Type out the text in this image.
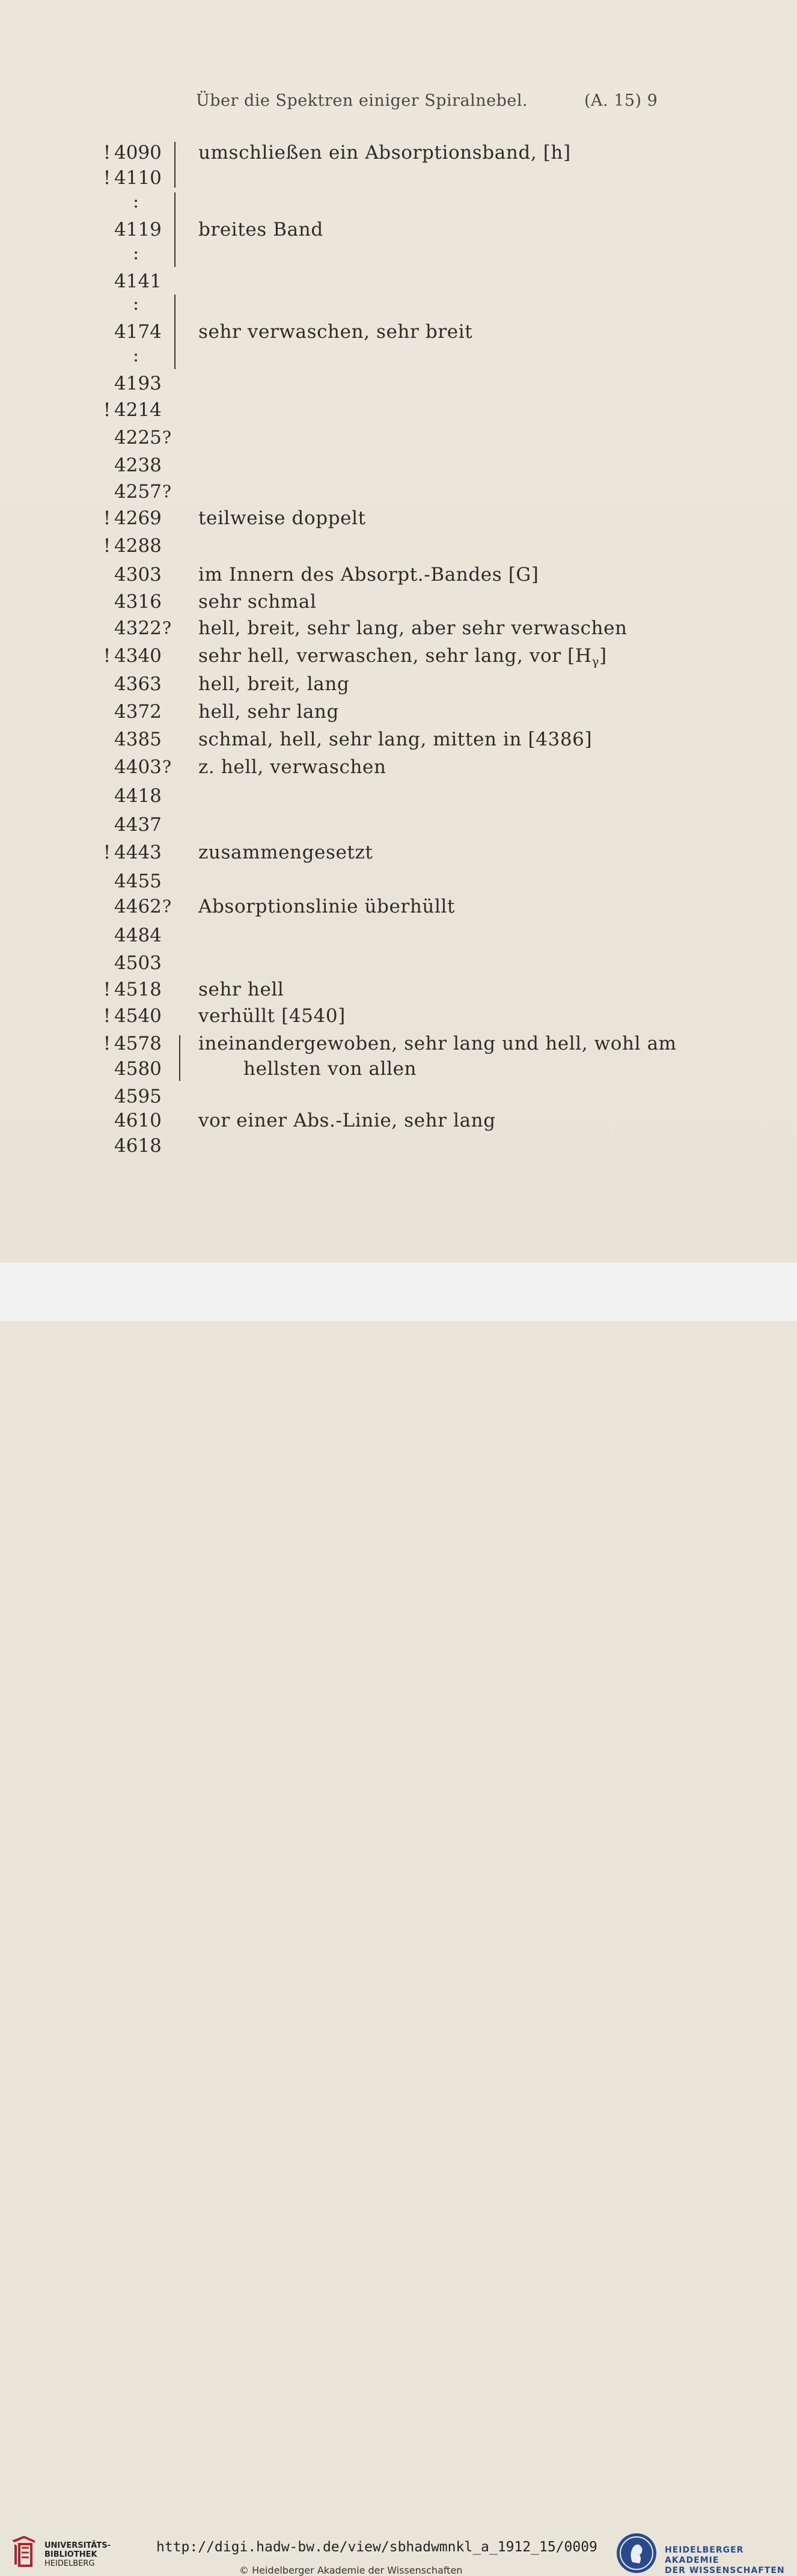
Über die Spektren einiger Spiralnebel.	(A. 15) 9
! 4090	umschließen ein Absorptionsband, [h]
! 4110
:
4119	breites Band
:
4141
:
4174	sehr verwaschen, sehr breit
:
4193
! 4214
4225 ?
4238
4257 ?
! 4269	teilweise doppelt
! 4288
4303	im Innern des Absorpt.-Bandes [G]
4316	sehr schmal
4322 ? hell, breit, sehr lang, aber sehr verwaschen
! 4340	sehr hell, verwaschen, sehr lang, vor $[H_\gamma]$
4363	hell, breit, lang
4372	hell, sehr lang
4385	schmal, hell, sehr lang, mitten in [4386]
4403 ? z. hell, verwaschen
4418
4437
! 4443	zusammengesetzt
4455
4462 ? Absorptionslinie überhüllt
4484
4503
! 4518	sehr hell
! 4540	verhüllt [4540]
! 4578	ineinandergewoben, sehr lang und hell, wohl am
4580	hellsten von allen
4595
4610	vor einer Abs.-Linie, sehr lang
4618
UNIVERSITÄTS-
BIBLIOTHEK
HEIDELBERG
http://digi.hadw-bw.de/view/sbhadwmnkl_a_1912_15/0009
© Heidelberger Akademie der Wissenschaften
HEIDELBERGER AKADEMIE
DER WISSENSCHAFTEN
